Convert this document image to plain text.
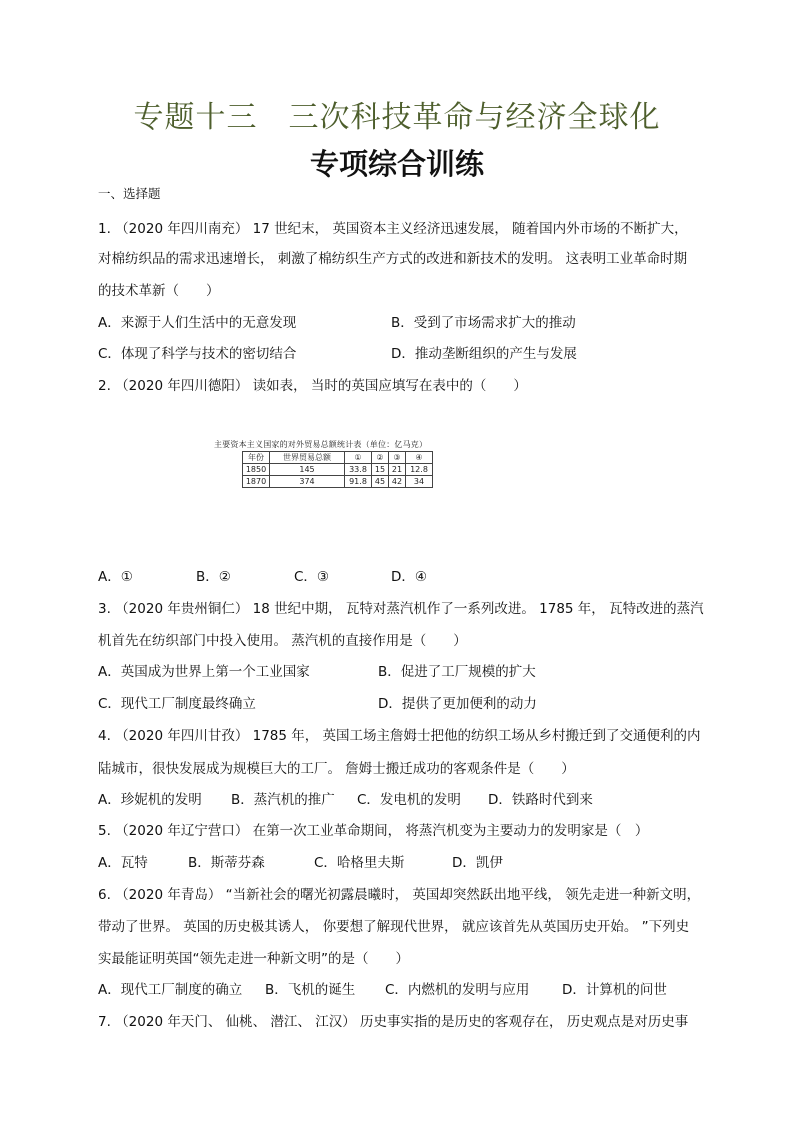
专题十三　三次科技革命与经济全球化
专项综合训练
一、选择题
1. （2020 年四川南充） 17 世纪末， 英国资本主义经济迅速发展， 随着国内外市场的不断扩大，
对棉纺织品的需求迅速增长， 刺激了棉纺织生产方式的改进和新技术的发明。 这表明工业革命时期
的技术革新（　　）
A．来源于人们生活中的无意发现	B．受到了市场需求扩大的推动
C．体现了科学与技术的密切结合	D．推动垄断组织的产生与发展
2. （2020 年四川德阳） 读如表， 当时的英国应填写在表中的（　　）
主要资本主义国家的对外贸易总额统计表（单位：亿马克）
年份	世界贸易总额	①	②	③	④
1850	145	33.8	15	21	12.8
1870	374	91.8	45	42	34
A．①	B．②	C．③	D．④
3. （2020 年贵州铜仁） 18 世纪中期， 瓦特对蒸汽机作了一系列改进。 1785 年， 瓦特改进的蒸汽
机首先在纺织部门中投入使用。 蒸汽机的直接作用是（　　）
A．英国成为世界上第一个工业国家	B．促进了工厂规模的扩大
C．现代工厂制度最终确立	D．提供了更加便利的动力
4. （2020 年四川甘孜） 1785 年， 英国工场主詹姆士把他的纺织工场从乡村搬迁到了交通便利的内
陆城市，很快发展成为规模巨大的工厂。 詹姆士搬迁成功的客观条件是（　　）
A．珍妮机的发明 B．蒸汽机的推广 C．发电机的发明 D．铁路时代到来
5. （2020 年辽宁营口） 在第一次工业革命期间， 将蒸汽机变为主要动力的发明家是（　）
A．瓦特	B．斯蒂芬森	C．哈格里夫斯	D．凯伊
6. （2020 年青岛） “当新社会的曙光初露晨曦时， 英国却突然跃出地平线， 领先走进一种新文明，
带动了世界。 英国的历史极其诱人， 你要想了解现代世界， 就应该首先从英国历史开始。 ”下列史
实最能证明英国“领先走进一种新文明”的是（　　）
A．现代工厂制度的确立 B．飞机的诞生 C．内燃机的发明与应用 D．计算机的问世
7. （2020 年天门、 仙桃、 潜江、 江汉） 历史事实指的是历史的客观存在， 历史观点是对历史事
